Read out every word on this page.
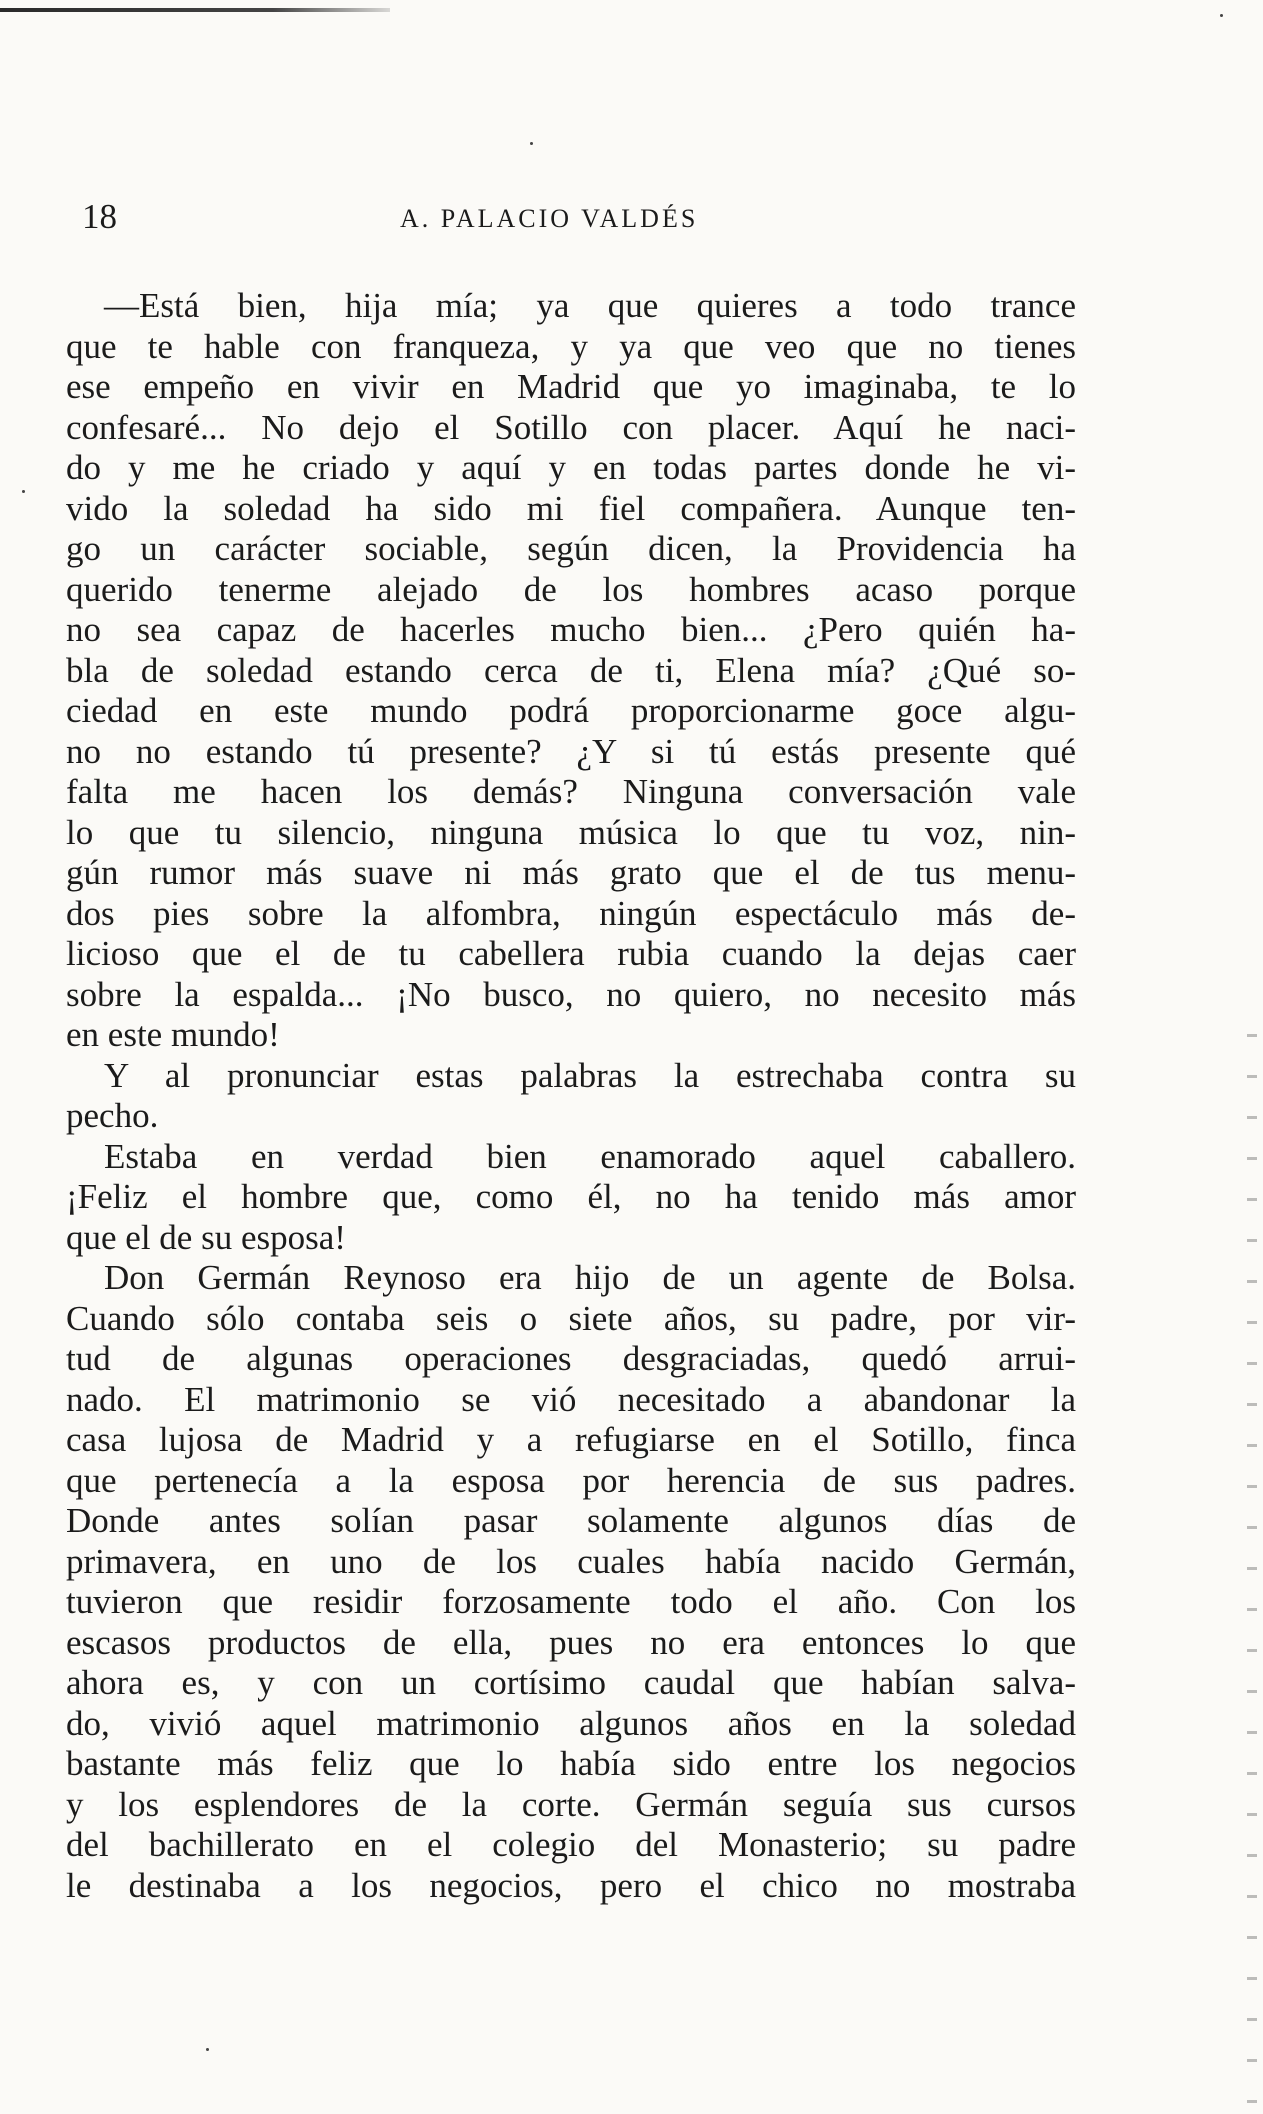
18	A. PALACIO VALDÉS
—Está bien, hija mía; ya que quieres a todo trance
que te hable con franqueza, y ya que veo que no tienes
ese empeño en vivir en Madrid que yo imaginaba, te lo
confesaré... No dejo el Sotillo con placer. Aquí he naci-
do y me he criado y aquí y en todas partes donde he vi-
vido la soledad ha sido mi fiel compañera. Aunque ten-
go un carácter sociable, según dicen, la Providencia ha
querido tenerme alejado de los hombres acaso porque
no sea capaz de hacerles mucho bien... ¿Pero quién ha-
bla de soledad estando cerca de ti, Elena mía? ¿Qué so-
ciedad en este mundo podrá proporcionarme goce algu-
no no estando tú presente? ¿Y si tú estás presente qué
falta me hacen los demás? Ninguna conversación vale
lo que tu silencio, ninguna música lo que tu voz, nin-
gún rumor más suave ni más grato que el de tus menu-
dos pies sobre la alfombra, ningún espectáculo más de-
licioso que el de tu cabellera rubia cuando la dejas caer
sobre la espalda... ¡No busco, no quiero, no necesito más
en este mundo!
Y al pronunciar estas palabras la estrechaba contra su
pecho.
Estaba en verdad bien enamorado aquel caballero.
¡Feliz el hombre que, como él, no ha tenido más amor
que el de su esposa!
Don Germán Reynoso era hijo de un agente de Bolsa.
Cuando sólo contaba seis o siete años, su padre, por vir-
tud de algunas operaciones desgraciadas, quedó arrui-
nado. El matrimonio se vió necesitado a abandonar la
casa lujosa de Madrid y a refugiarse en el Sotillo, finca
que pertenecía a la esposa por herencia de sus padres.
Donde antes solían pasar solamente algunos días de
primavera, en uno de los cuales había nacido Germán,
tuvieron que residir forzosamente todo el año. Con los
escasos productos de ella, pues no era entonces lo que
ahora es, y con un cortísimo caudal que habían salva-
do, vivió aquel matrimonio algunos años en la soledad
bastante más feliz que lo había sido entre los negocios
y los esplendores de la corte. Germán seguía sus cursos
del bachillerato en el colegio del Monasterio; su padre
le destinaba a los negocios, pero el chico no mostraba
